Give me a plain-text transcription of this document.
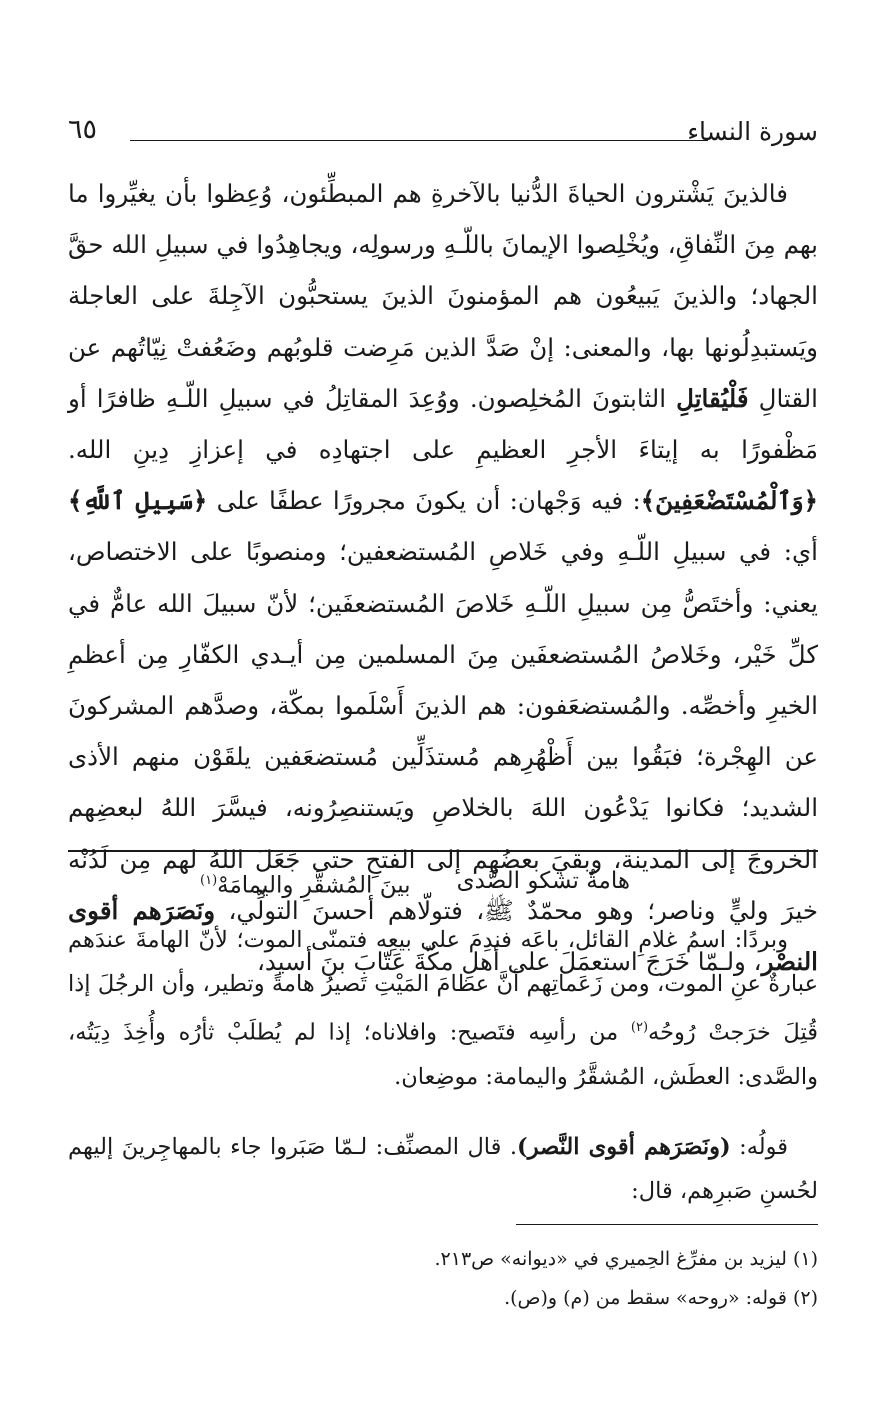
٦٥	سورة النساء

فالذينَ يَشْترون الحياةَ الدُّنيا بالآخرةِ هم المبطِّئون، وُعِظوا بأن يغيِّروا ما بهم مِنَ النِّفاقِ، ويُخْلِصوا الإيمانَ باللّـهِ ورسولِه، ويجاهِدُوا في سبيلِ الله حقَّ الجهاد؛ والذينَ يَبيعُون هم المؤمنونَ الذينَ يستحبُّون الآجِلةَ على العاجلة ويَستبدِلُونها بها، والمعنى: إنْ صَدَّ الذين مَرِضت قلوبُهم وضَعُفتْ نِيّاتُهم عن القتالِ فَلْيُقاتِلِ الثابتونَ المُخلِصون. ووُعِدَ المقاتِلُ في سبيلِ اللّـهِ ظافرًا أو مَظْفورًا به إيتاءَ الأجرِ العظيمِ على اجتهادِه في إعزازِ دِينِ الله. ﴿وَٱلْمُسْتَضْعَفِينَ﴾: فيه وَجْهان: أن يكونَ مجرورًا عطفًا على ﴿سَبِيلِ ٱللَّهِ﴾ أي: في سبيلِ اللّـهِ وفي خَلاصِ المُستضعفين؛ ومنصوبًا على الاختصاص، يعني: وأختَصُّ مِن سبيلِ اللّـهِ خَلاصَ المُستضعفَين؛ لأنّ سبيلَ الله عامٌّ في كلِّ خَيْر، وخَلاصُ المُستضعفَين مِنَ المسلمين مِن أيـدي الكفّارِ مِن أعظمِ الخيرِ وأخصِّه. والمُستضعَفون: هم الذينَ أَسْلَموا بمكّة، وصدَّهم المشركونَ عن الهِجْرة؛ فبَقُوا بين أَظْهُرِهم مُستذَلِّين مُستضعَفين يلقَوْن منهم الأذى الشديد؛ فكانوا يَدْعُون اللهَ بالخلاصِ ويَستنصِرُونه، فيسَّرَ اللهُ لبعضِهم الخروجَ إلى المدينة، وبقيَ بعضُهم إلى الفتحِ حتى جَعَلَ اللهُ لهم مِن لَدُنْه خيرَ وليٍّ وناصر؛ وهو محمّدٌ ﷺ، فتولّاهم أحسنَ التولِّي، ونَصَرَهم أقوى النصْر، ولـمّا خَرَجَ استعمَلَ على أهلِ مكّةَ عَتّابَ بنَ أسيد،

هامةٌ تشكو الصَّدى
بينَ المُشقَّرِ واليمامَهْ$^{(١)}$

وبردًا: اسمُ غلامِ القائل، باعَه فندِمَ على بيعِه فتمنّى الموت؛ لأنّ الهامةَ عندَهم عبارةٌ عنِ الموت، ومن زَعَماتِهم أنَّ عظامَ المَيْتِ تَصيرُ هامةً وتطير، وأن الرجُلَ إذا قُتِلَ خرَجتْ رُوحُه$^{(٢)}$ من رأسِه فتَصيح: وافلاناه؛ إذا لم يُطلَبْ ثأرُه وأُخِذَ دِيَتُه، والصَّدى: العطَش، المُشقَّرُ واليمامة: موضِعان.

قولُه: (ونَصَرَهم أقوى النَّصر). قال المصنِّف: لـمّا صَبَروا جاء بالمهاجِرينَ إليهم لحُسنِ صَبرِهم، قال:

(١) ليزيد بن مفرِّغ الحِميري في «ديوانه» ص٢١٣.
(٢) قوله: «روحه» سقط من (م) و(ص).
